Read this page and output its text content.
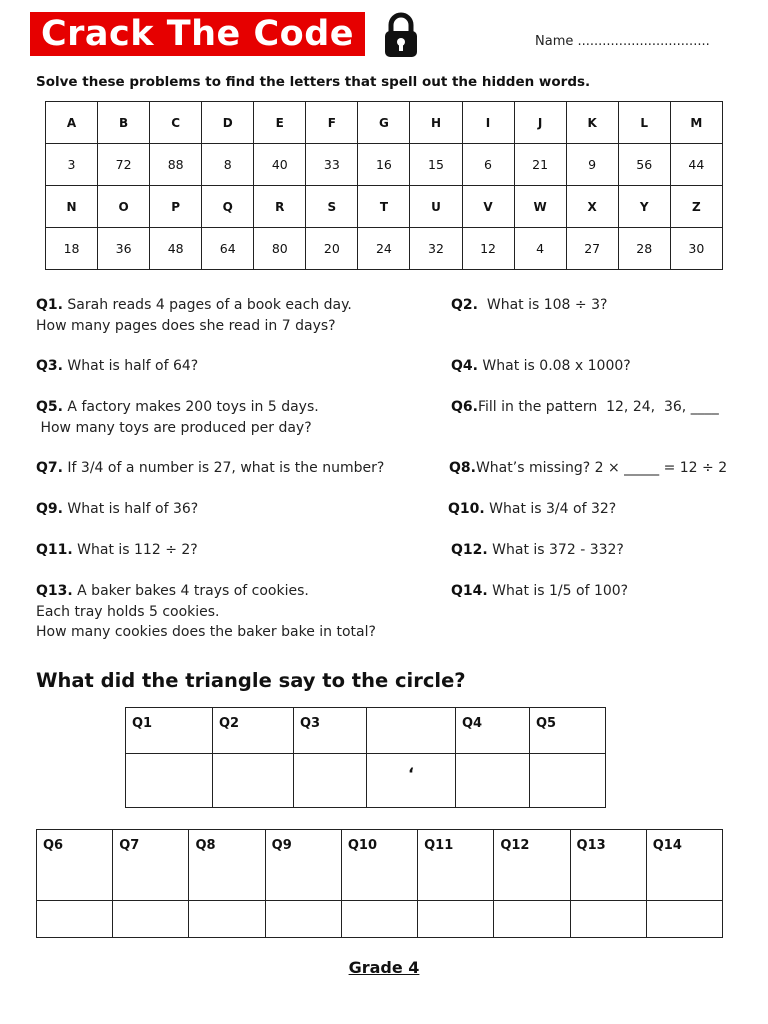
Crack The Code	Name ................................
Solve these problems to find the letters that spell out the hidden words.
A	B	C	D	E	F	G	H	I	J	K	L	M
3	72	88	8	40	33	16	15	6	21	9	56	44
N	O	P	Q	R	S	T	U	V	W	X	Y	Z
18	36	48	64	80	20	24	32	12	4	27	28	30
Q1. Sarah reads 4 pages of a book each day.
How many pages does she read in 7 days?
Q2. What is 108 ÷ 3?
Q3. What is half of 64?	Q4. What is 0.08 x 1000?
Q5. A factory makes 200 toys in 5 days.
How many toys are produced per day?
Q6.Fill in the pattern  12, 24,  36, ____
Q7. If 3/4 of a number is 27, what is the number?	Q8.What’s missing? 2 × _____ = 12 ÷ 2
Q9. What is half of 36?	Q10. What is 3/4 of 32?
Q11. What is 112 ÷ 2?	Q12. What is 372 - 332?
Q13. A baker bakes 4 trays of cookies.
Each tray holds 5 cookies.
How many cookies does the baker bake in total?
Q14. What is 1/5 of 100?
What did the triangle say to the circle?
Q1	Q2	Q3		Q4	Q5

			‘		

Q6	Q7	Q8	Q9	Q10	Q11	Q12	Q13	Q14

Grade 4
